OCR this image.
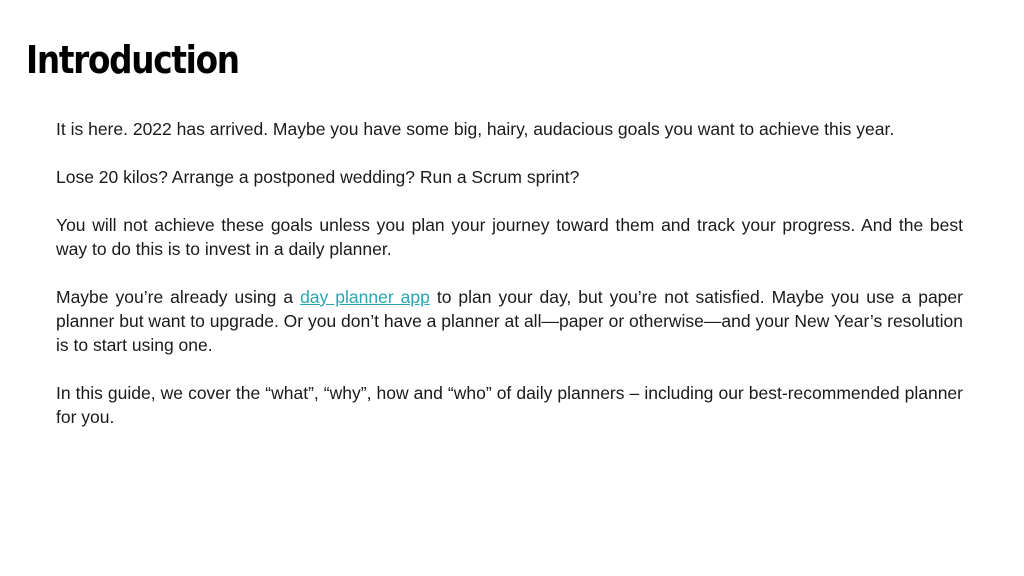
Introduction

It is here. 2022 has arrived. Maybe you have some big, hairy, audacious goals you want to achieve this year.

Lose 20 kilos? Arrange a postponed wedding? Run a Scrum sprint?

You will not achieve these goals unless you plan your journey toward them and track your progress. And the best way to do this is to invest in a daily planner.

Maybe you’re already using a day planner app to plan your day, but you’re not satisfied. Maybe you use a paper planner but want to upgrade. Or you don’t have a planner at all—paper or otherwise—and your New Year’s resolution is to start using one.

In this guide, we cover the “what”, “why”, how and “who” of daily planners – including our best-recommended planner for you.
